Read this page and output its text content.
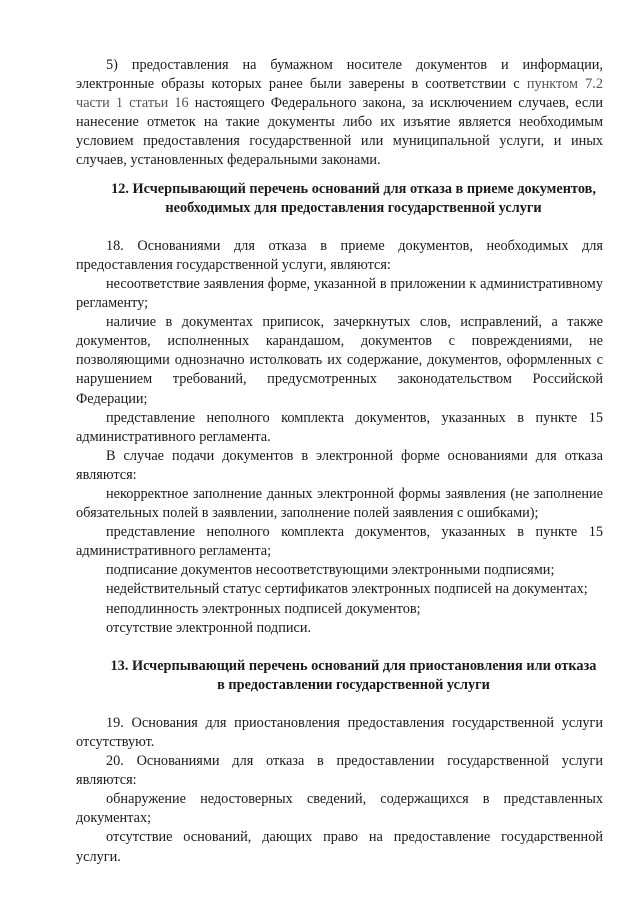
5) предоставления на бумажном носителе документов и информации, электронные образы которых ранее были заверены в соответствии с пунктом 7.2 части 1 статьи 16 настоящего Федерального закона, за исключением случаев, если нанесение отметок на такие документы либо их изъятие является необходимым условием предоставления государственной или муниципальной услуги, и иных случаев, установленных федеральными законами.

12. Исчерпывающий перечень оснований для отказа в приеме документов, необходимых для предоставления государственной услуги

18. Основаниями для отказа в приеме документов, необходимых для предоставления государственной услуги, являются:

несоответствие заявления форме, указанной в приложении к административному регламенту;

наличие в документах приписок, зачеркнутых слов, исправлений, а также документов, исполненных карандашом, документов с повреждениями, не позволяющими однозначно истолковать их содержание, документов, оформленных с нарушением требований, предусмотренных законодательством Российской Федерации;

представление неполного комплекта документов, указанных в пункте 15 административного регламента.

В случае подачи документов в электронной форме основаниями для отказа являются:

некорректное заполнение данных электронной формы заявления (не заполнение обязательных полей в заявлении, заполнение полей заявления с ошибками);

представление неполного комплекта документов, указанных в пункте 15 административного регламента;

подписание документов несоответствующими электронными подписями;

недействительный статус сертификатов электронных подписей на документах;

неподлинность электронных подписей документов;

отсутствие электронной подписи.

13. Исчерпывающий перечень оснований для приостановления или отказа в предоставлении государственной услуги

19. Основания для приостановления предоставления государственной услуги отсутствуют.

20. Основаниями для отказа в предоставлении государственной услуги являются:

обнаружение недостоверных сведений, содержащихся в представленных документах;

отсутствие оснований, дающих право на предоставление государственной услуги.
